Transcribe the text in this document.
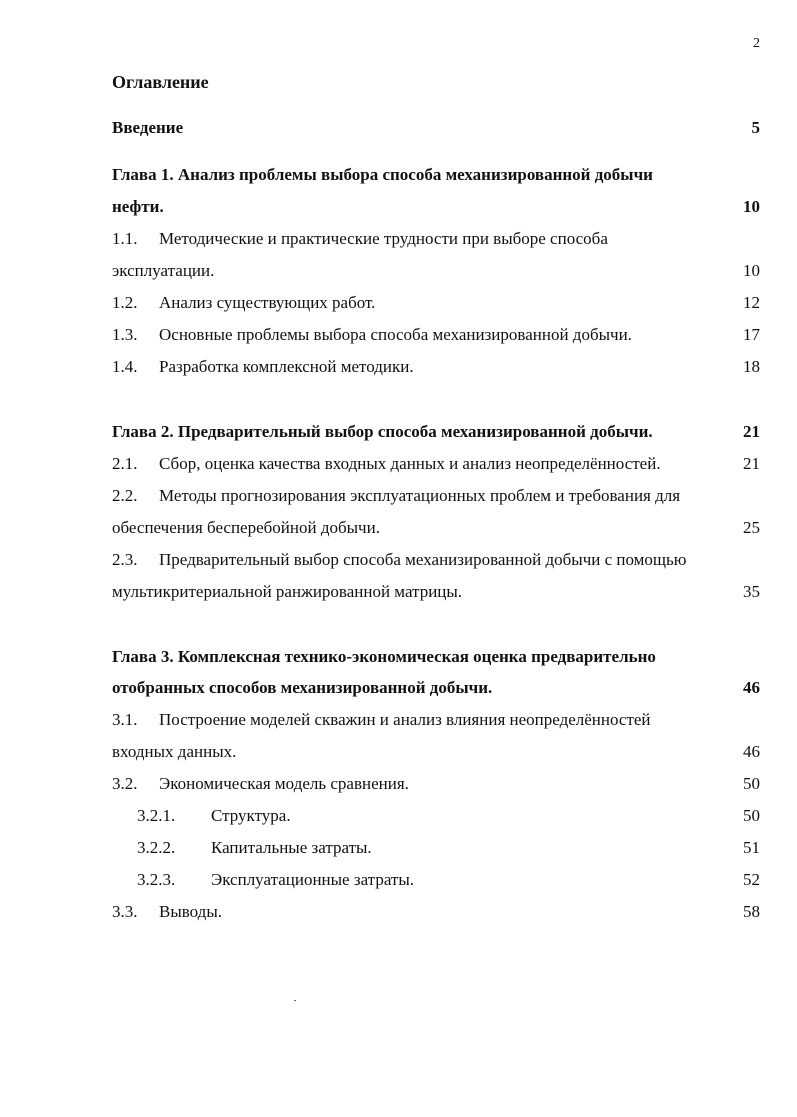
2
Оглавление
Введение	5
Глава 1. Анализ проблемы выбора способа механизированной добычи
нефти.	10
1.1. Методические и практические трудности при выборе способа
эксплуатации.	10
1.2. Анализ существующих работ.	12
1.3. Основные проблемы выбора способа механизированной добычи.	17
1.4. Разработка комплексной методики.	18
Глава 2. Предварительный выбор способа механизированной добычи.	21
2.1. Сбор, оценка качества входных данных и анализ неопределённостей.	21
2.2. Методы прогнозирования эксплуатационных проблем и требования для
обеспечения бесперебойной добычи.	25
2.3. Предварительный выбор способа механизированной добычи с помощью
мультикритериальной ранжированной матрицы.	35
Глава 3. Комплексная технико-экономическая оценка предварительно
отобранных способов механизированной добычи.	46
3.1. Построение моделей скважин и анализ влияния неопределённостей
входных данных.	46
3.2. Экономическая модель сравнения.	50
3.2.1. Структура.	50
3.2.2. Капитальные затраты.	51
3.2.3. Эксплуатационные затраты.	52
3.3. Выводы.	58
